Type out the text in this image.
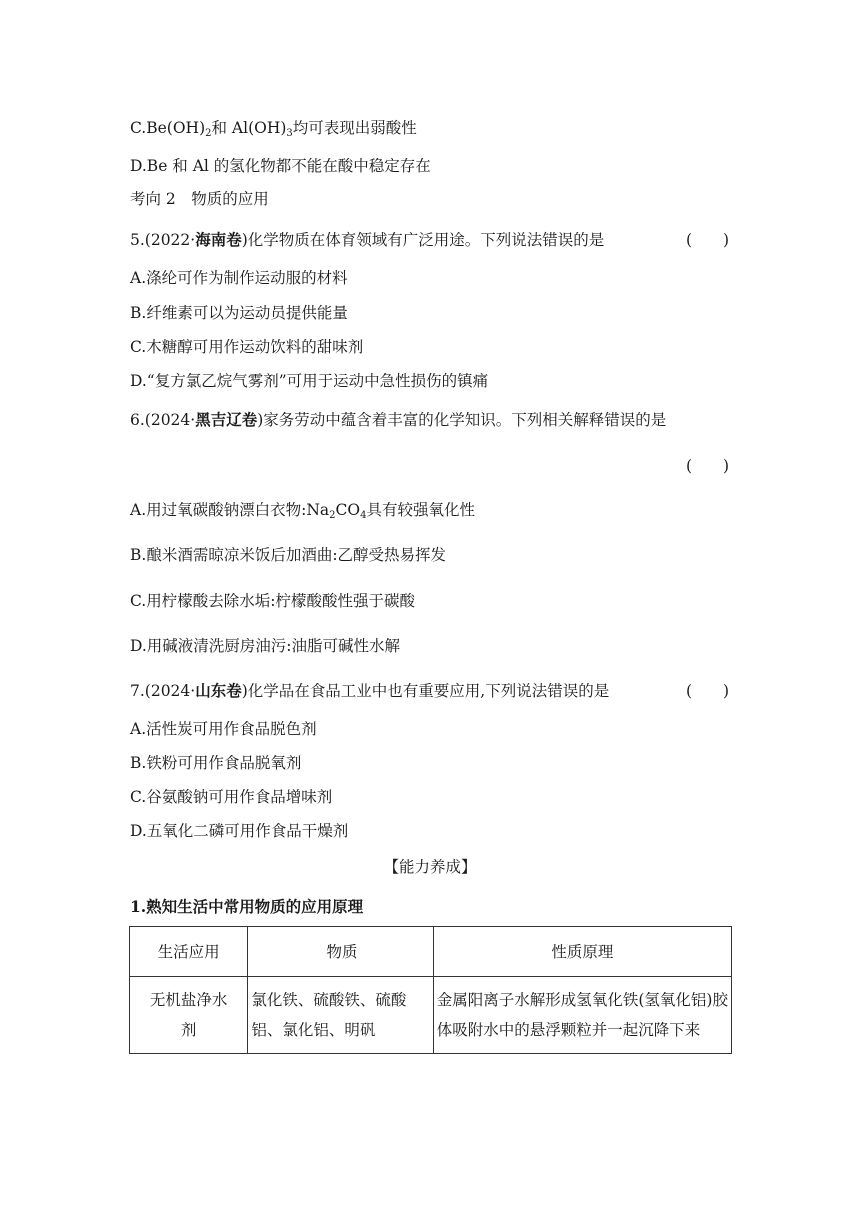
$C.Be(OH)_2$和 $Al(OH)_3$均可表现出弱酸性
D.Be 和 Al 的氢化物都不能在酸中稳定存在
考向 2　物质的应用
5.(2022·海南卷)化学物质在体育领域有广泛用途。下列说法错误的是	(　　)
A.涤纶可作为制作运动服的材料
B.纤维素可以为运动员提供能量
C.木糖醇可用作运动饮料的甜味剂
D.“复方氯乙烷气雾剂”可用于运动中急性损伤的镇痛
6.(2024·黑吉辽卷)家务劳动中蕴含着丰富的化学知识。下列相关解释错误的是
(　　)
A.用过氧碳酸钠漂白衣物$:Na_2CO_4$具有较强氧化性
B.酿米酒需晾凉米饭后加酒曲:乙醇受热易挥发
C.用柠檬酸去除水垢:柠檬酸酸性强于碳酸
D.用碱液清洗厨房油污:油脂可碱性水解
7.(2024·山东卷)化学品在食品工业中也有重要应用,下列说法错误的是	(　　)
A.活性炭可用作食品脱色剂
B.铁粉可用作食品脱氧剂
C.谷氨酸钠可用作食品增味剂
D.五氧化二磷可用作食品干燥剂
【能力养成】
1.熟知生活中常用物质的应用原理
生活应用	物质	性质原理
无机盐净水剂	氯化铁、硫酸铁、硫酸铝、氯化铝、明矾	金属阳离子水解形成氢氧化铁(氢氧化铝)胶体吸附水中的悬浮颗粒并一起沉降下来
